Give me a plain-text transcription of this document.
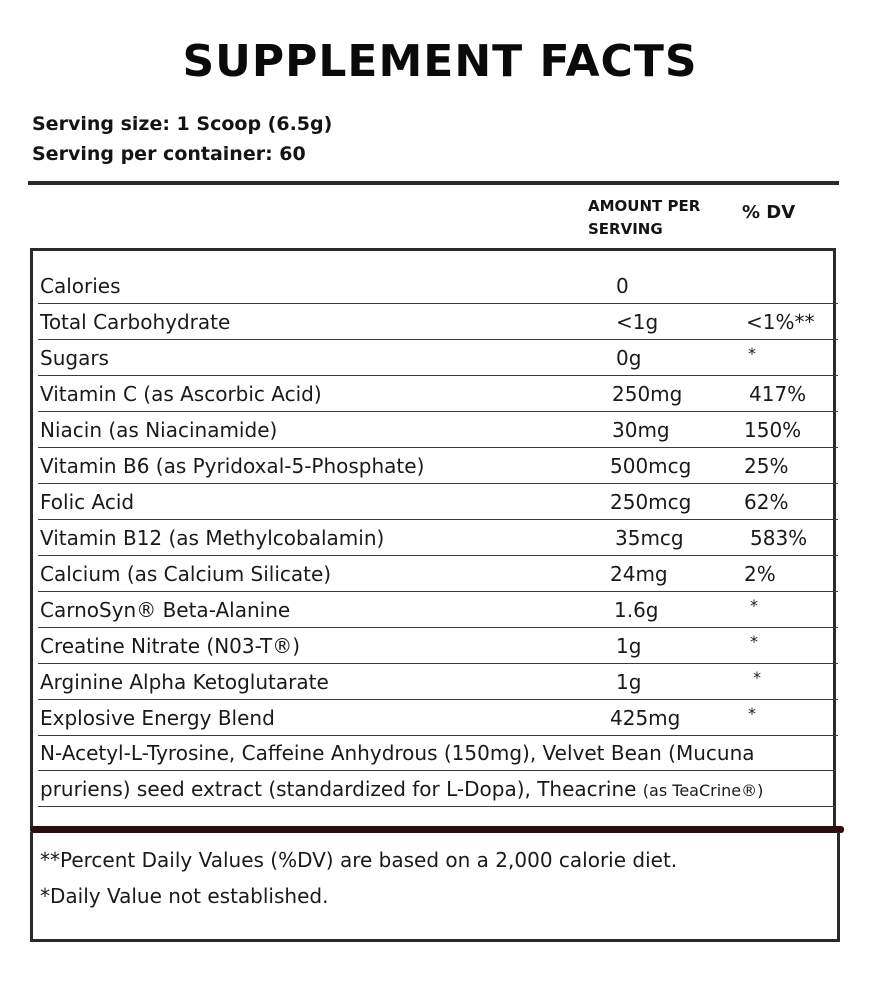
SUPPLEMENT FACTS
Serving size: 1 Scoop (6.5g)
Serving per container: 60
AMOUNT PER
SERVING
% DV
Calories	0
Total Carbohydrate	<1g	<1%**
Sugars	0g	*
Vitamin C (as Ascorbic Acid)	250mg	417%
Niacin (as Niacinamide)	30mg	150%
Vitamin B6 (as Pyridoxal-5-Phosphate)	500mcg	25%
Folic Acid	250mcg	62%
Vitamin B12 (as Methylcobalamin)	35mcg	583%
Calcium (as Calcium Silicate)	24mg	2%
CarnoSyn® Beta-Alanine	1.6g	*
Creatine Nitrate (N03-T®)	1g	*
Arginine Alpha Ketoglutarate	1g	*
Explosive Energy Blend	425mg	*
N-Acetyl-L-Tyrosine, Caffeine Anhydrous (150mg), Velvet Bean (Mucuna
pruriens) seed extract (standardized for L-Dopa), Theacrine (as TeaCrine®)
**Percent Daily Values (%DV) are based on a 2,000 calorie diet.
*Daily Value not established.
